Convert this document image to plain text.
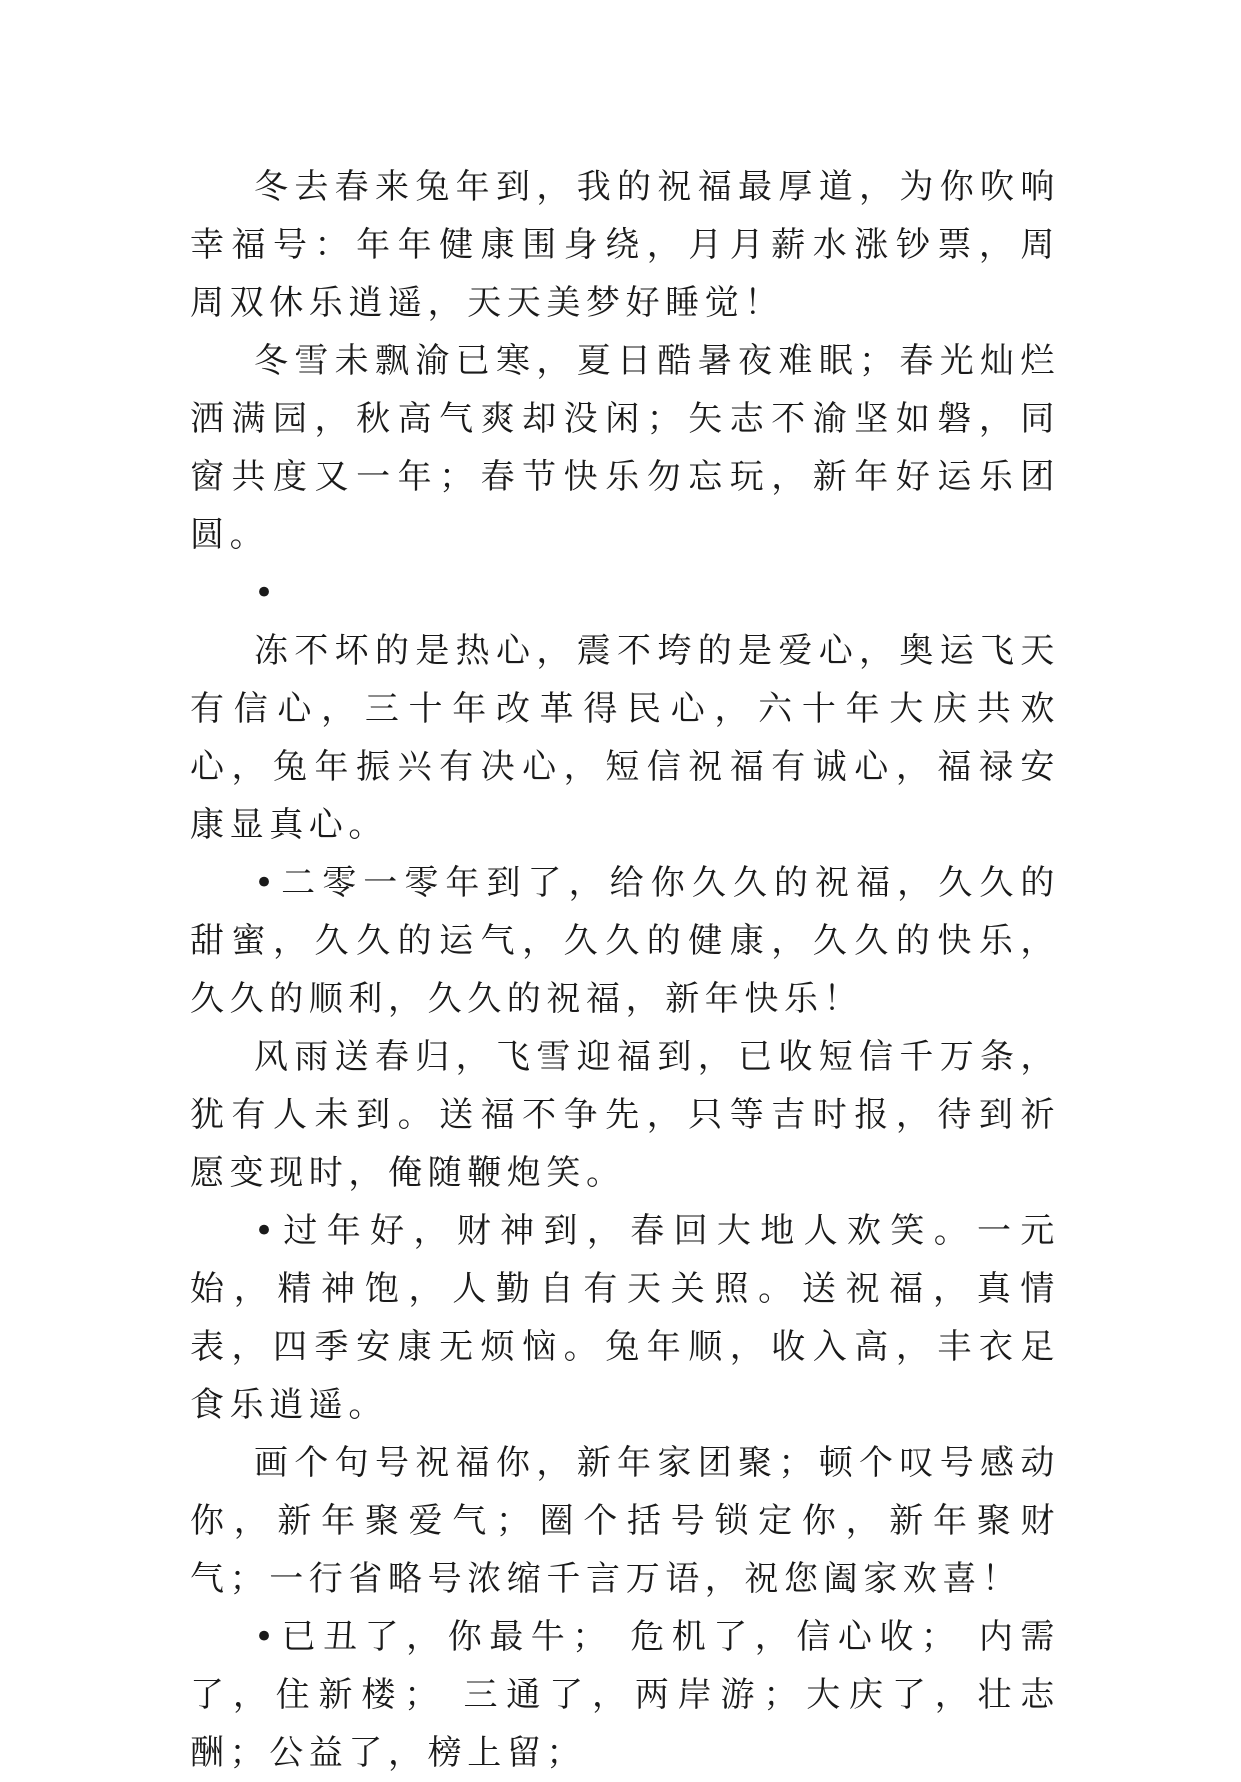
冬去春来兔年到，我的祝福最厚道，为你吹响幸福号：年年健康围身绕，月月薪水涨钞票，周周双休乐逍遥，天天美梦好睡觉！

冬雪未飘渝已寒，夏日酷暑夜难眠；春光灿烂洒满园，秋高气爽却没闲；矢志不渝坚如磐，同窗共度又一年；春节快乐勿忘玩，新年好运乐团圆。

•

冻不坏的是热心，震不垮的是爱心，奥运飞天有信心，三十年改革得民心，六十年大庆共欢心，兔年振兴有决心，短信祝福有诚心，福禄安康显真心。

•二零一零年到了，给你久久的祝福，久久的甜蜜，久久的运气，久久的健康，久久的快乐，久久的顺利，久久的祝福，新年快乐！

风雨送春归，飞雪迎福到，已收短信千万条，犹有人未到。送福不争先，只等吉时报，待到祈愿变现时，俺随鞭炮笑。

•过年好，财神到，春回大地人欢笑。一元始，精神饱，人勤自有天关照。送祝福，真情表，四季安康无烦恼。兔年顺，收入高，丰衣足食乐逍遥。

画个句号祝福你，新年家团聚；顿个叹号感动你，新年聚爱气；圈个括号锁定你，新年聚财气；一行省略号浓缩千言万语，祝您阖家欢喜！

•已丑了，你最牛； 危机了，信心收； 内需了，住新楼； 三通了，两岸游；大庆了，壮志酬；公益了，榜上留；
